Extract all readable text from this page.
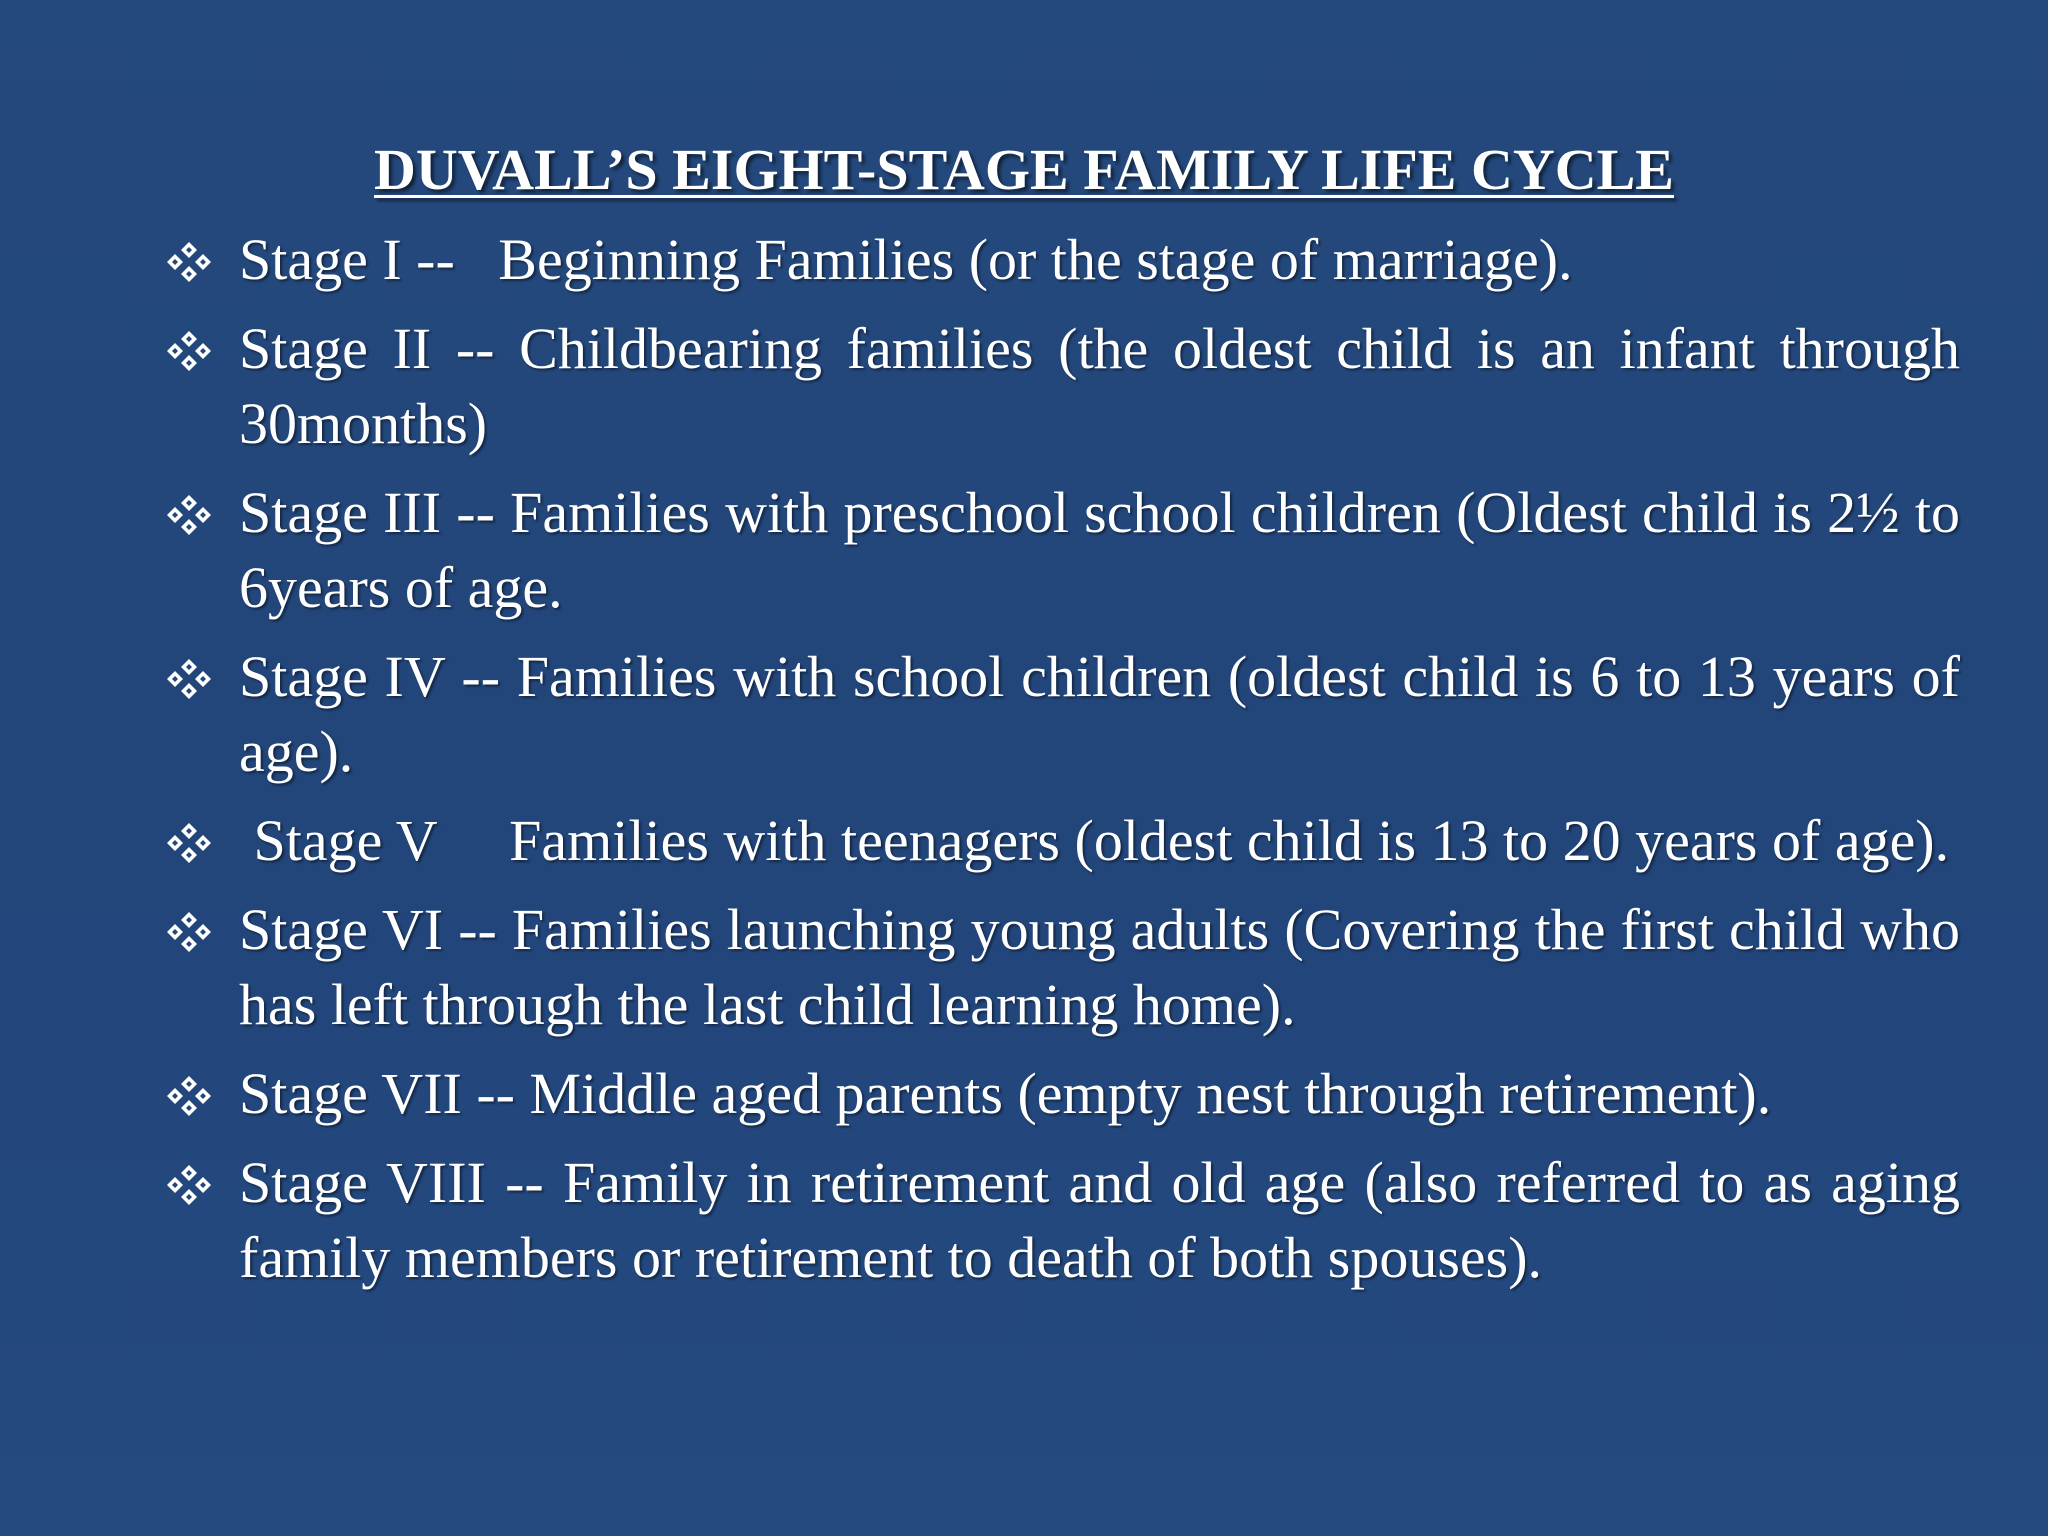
DUVALL’S EIGHT-STAGE FAMILY LIFE CYCLE
Stage I --   Beginning Families (or the stage of marriage).
Stage II -- Childbearing families (the oldest child is an infant through 30months)
Stage III -- Families with preschool school children (Oldest child is 2½ to 6years of age.
Stage IV -- Families with school children (oldest child is 6 to 13 years of age).
Stage V     Families with teenagers (oldest child is 13 to 20 years of age).
Stage VI -- Families launching young adults (Covering the first child who has left through the last child learning home).
Stage VII -- Middle aged parents (empty nest through retirement).
Stage VIII -- Family in retirement and old age (also referred to as aging family members or retirement to death of both spouses).
